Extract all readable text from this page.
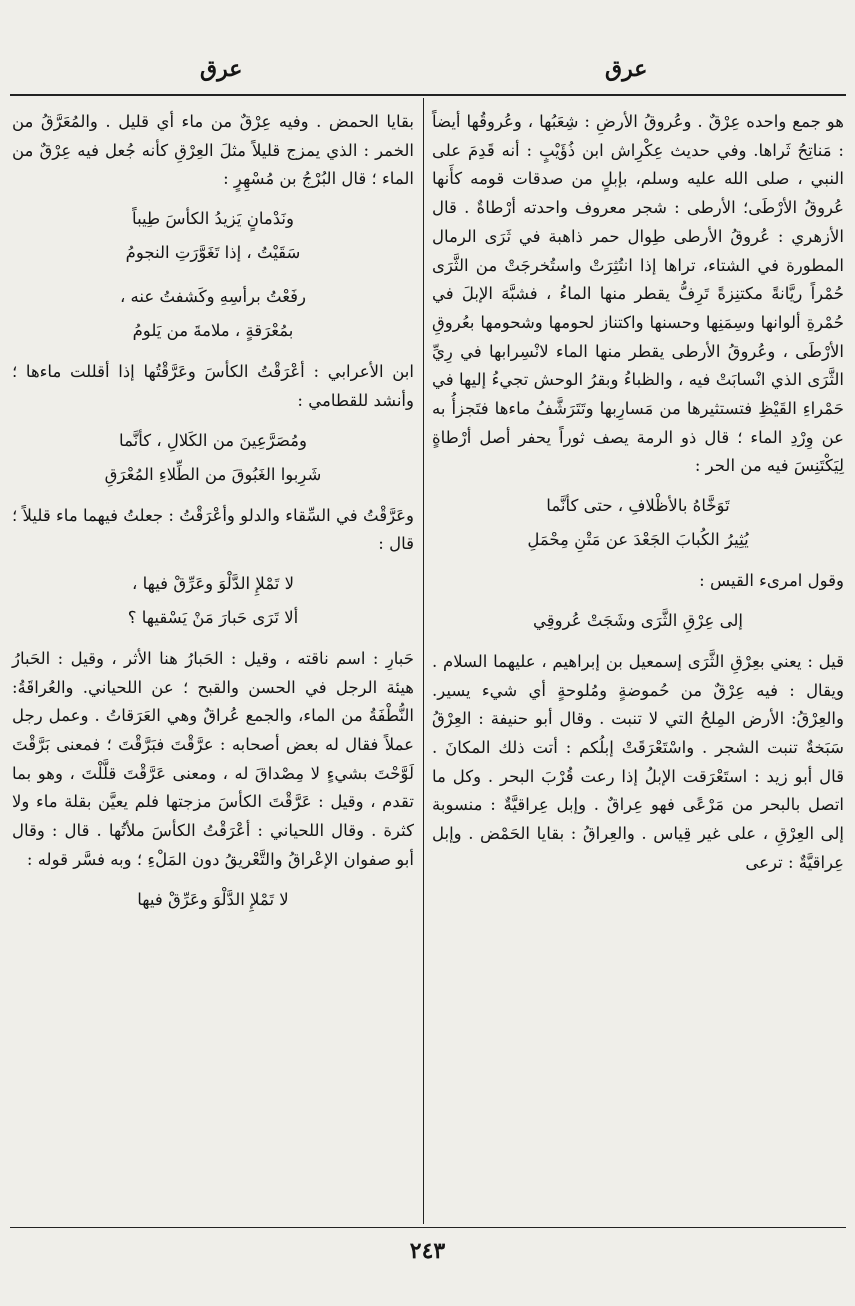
عرق	عرق

هو جمع واحده عِرْقٌ . وعُروقُ الأرضِ : شِعَبُها ، وعُروقُها أيضاً : مَناتِحُ ثَراها. وفي حديث عِكْرِاش ابن ذُؤَيْبٍ : أنه قَدِمَ على النبي ، صلى الله عليه وسلم، بإبلٍ من صدقات قومه كأَنها عُروقُ الأرْطَى؛ الأرطى : شجر معروف واحدته أرْطاةٌ . قال الأزهري : عُروقُ الأرطى طِوال حمر ذاهبة في ثَرَى الرمال المطورة في الشتاء، تراها إذا انتُثِرَتْ واستُخرجَتْ من الثَّرَى حُمْراً ريَّانةً مكتنِزةً تَرِفُّ يقطر منها الماءُ ، فشبَّهَ الإبلَ في حُمْرةِ ألوانها وسِمَنِها وحسنها واكتناز لحومها وشحومها بعُروقِ الأرْطَى ، وعُروقُ الأرطى يقطر منها الماء لانْسِرابها في رِيِّ الثَّرَى الذي انْسابَتْ فيه ، والظباءُ وبقرُ الوحش تجيءُ إليها في حَمْراءِ القَيْظِ فتستثيرها من مَسارِبها وتَتَرَشَّفُ ماءها فتَجزأُ به عن وِرْدِ الماء ؛ قال ذو الرمة يصف ثوراً يحفر أصل أرْطاةٍ لِيَكْتَنِسَ فيه من الحر :

تَوَخَّاهُ بالأظْلافِ ، حتى كأنَّما

يُثِيرُ الكُبابَ الجَعْدَ عن مَتْنِ مِحْمَلِ

وقول امرىء القيس :

إلى عِرْقِ الثَّرَى وشَجَتْ عُروقِي

قيل : يعني بعِرْقِ الثَّرَى إسمعيل بن إبراهيم ، عليهما السلام . ويقال : فيه عِرْقٌ من حُموضةٍ ومُلوحةٍ أي شيء يسير. والعِرْقُ: الأرض المِلحُ التي لا تنبت . وقال أبو حنيفة : العِرْقُ سَبَخةٌ تنبت الشجر . واسْتَعْرَقَتْ إبلُكم : أتت ذلك المكانَ . قال أبو زيد : استَعْرَقت الإبلُ إذا رعت قُرْبَ البحر . وكل ما اتصل بالبحر من مَرْعًى فهو عِراقٌ . وإبل عِراقيَّةٌ : منسوبة إلى العِرْقِ ، على غير قِياس . والعِراقُ : بقايا الحَمْض . وإبل عِراقيَّةٌ : ترعى

بقايا الحمض . وفيه عِرْقٌ من ماء أي قليل . والمُعَرَّقُ من الخمر : الذي يمزج قليلاً مثلَ العِرْقِ كأنه جُعل فيه عِرْقٌ من الماء ؛ قال البُرْجُ بن مُسْهِرٍ :

ونَدْمانٍ يَزيدُ الكأسَ طِيباً

سَقَيْتُ ، إذا تَغَوَّرَتِ النجومُ

رفَعْتُ برأسِهِ وكَشفتُ عنه ،

بمُعْرَقةٍ ، ملامةَ من يَلومُ

ابن الأعرابي : أعْرَقْتُ الكأسَ وعَرَّقْتُها إذا أقللت ماءها ؛ وأنشد للقطامي :

ومُصَرَّعِينَ من الكَلالِ ، كأنَّما

شَرِبوا الغَبُوقَ من الطِّلاءِ المُعْرَقِ

وعَرَّقْتُ في السِّقاء والدلو وأعْرَقْتُ : جعلتُ فيهما ماء قليلاً ؛ قال :

لا تَمْلإِ الدَّلْوَ وعَرِّقْ فيها ،

ألا تَرَى حَبارَ مَنْ يَسْقيها ؟

حَبارِ : اسم ناقته ، وقيل : الحَبارُ هنا الأثر ، وقيل : الحَبارُ هيئة الرجل في الحسن والقبح ؛ عن اللحياني. والعُراقَةُ: النُّطْفَةُ من الماء، والجمع عُراقٌ وهي العَرَقاتُ . وعمل رجل عملاً فقال له بعض أصحابه : عرَّقْتَ فبَرَّقْتَ ؛ فمعنى بَرَّقْتَ لَوَّحْتَ بشيءٍ لا مِصْداقَ له ، ومعنى عَرَّقْتَ قلَّلْتَ ، وهو بما تقدم ، وقيل : عَرَّقْتَ الكأسَ مزجتها فلم يعيَّن بقلة ماء ولا كثرة . وقال اللحياني : أعْرَقْتُ الكأسَ ملأتُها . قال : وقال أبو صفوان الإعْراقُ والتَّعْريقُ دون المَلْءِ ؛ وبه فسَّر قوله :

لا تَمْلإِ الدَّلْوَ وعَرِّقْ فيها

٢٤٣
